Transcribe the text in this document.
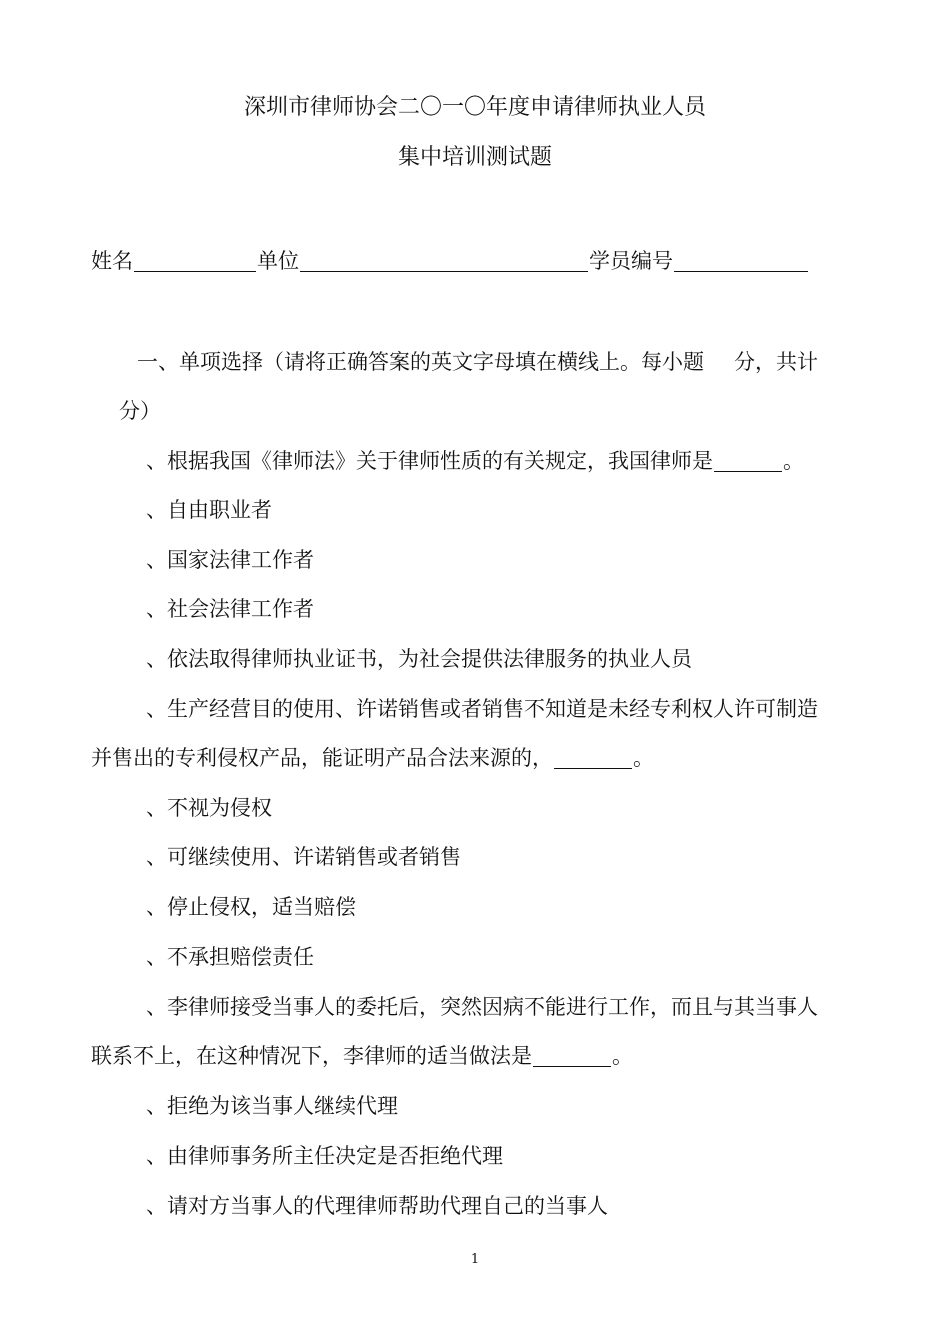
深圳市律师协会二〇一〇年度申请律师执业人员
集中培训测试题
姓名	单位	学员编号
一、单项选择（请将正确答案的英文字母填在横线上。每小题 分，共计
分）
、根据我国《律师法》关于律师性质的有关规定，我国律师是	。
、自由职业者
、国家法律工作者
、社会法律工作者
、依法取得律师执业证书，为社会提供法律服务的执业人员
、生产经营目的使用、许诺销售或者销售不知道是未经专利权人许可制造
并售出的专利侵权产品，能证明产品合法来源的，	。
、不视为侵权
、可继续使用、许诺销售或者销售
、停止侵权，适当赔偿
、不承担赔偿责任
、李律师接受当事人的委托后，突然因病不能进行工作，而且与其当事人
联系不上，在这种情况下，李律师的适当做法是	。
、拒绝为该当事人继续代理
、由律师事务所主任决定是否拒绝代理
、请对方当事人的代理律师帮助代理自己的当事人
1
